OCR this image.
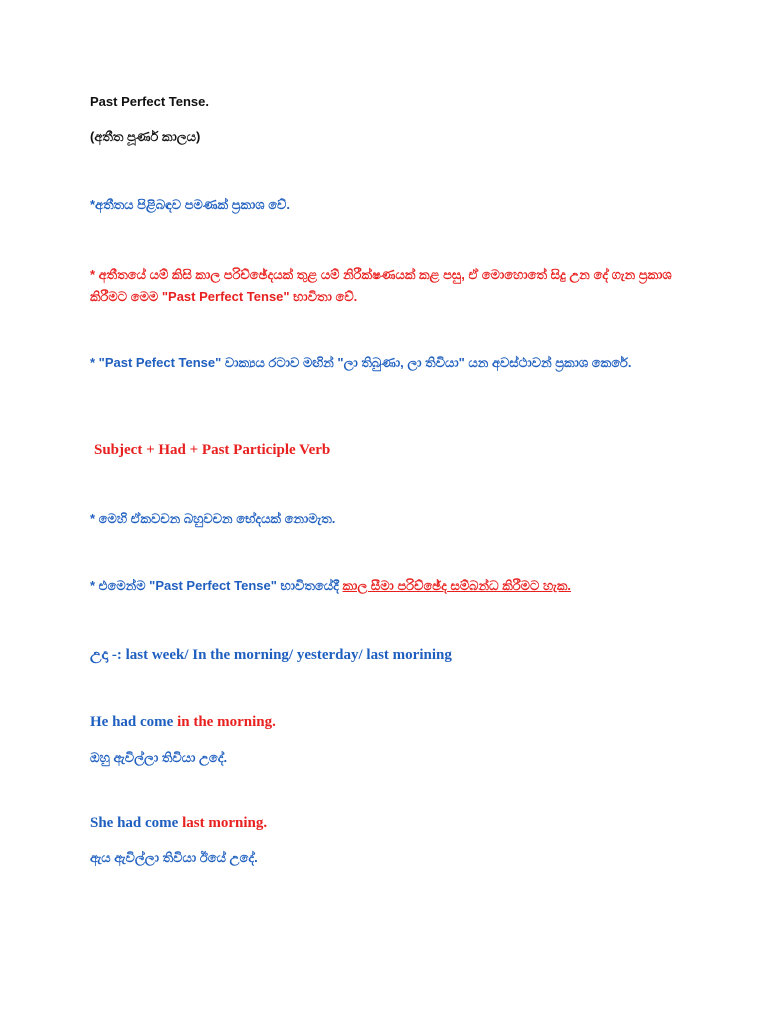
Past Perfect Tense.
(අතීත පූර්ණ කාලය)
*අතීතය පිළිබඳව පමණක් ප්‍රකාශ වේ.
* අතීතයේ යම් කිසි කාල පරිච්ඡේදයක් තුළ යම් නිරීක්ෂණයක් කළ පසු, ඒ මොහොතේ සිදු උන දේ ගැන ප්‍රකාශ කිරීමට මෙම "Past Perfect Tense" භාවිතා වේ.
* "Past Pefect Tense" වාක්‍යය රටාව මඟින් "ලා තිබුණා, ලා තිවියා" යන අවස්ථාවන් ප්‍රකාශ කෙරේ.
Subject + Had + Past Participle Verb
* මෙහි ඒකවචන බහුවචන භේදයක් නොමැත.
* එමෙන්ම "Past Perfect Tense" භාවිතයේදී කාල සීමා පරිච්ඡේද සම්බන්ධ කිරීමට හැක.
උදා -: last week/ In the morning/ yesterday/ last morining
He had come in the morning.
ඔහු ඇවිල්ලා තිවියා උදේ.
She had come last morning.
ඇය ඇවිල්ලා තිවියා ඊයේ උදේ.
